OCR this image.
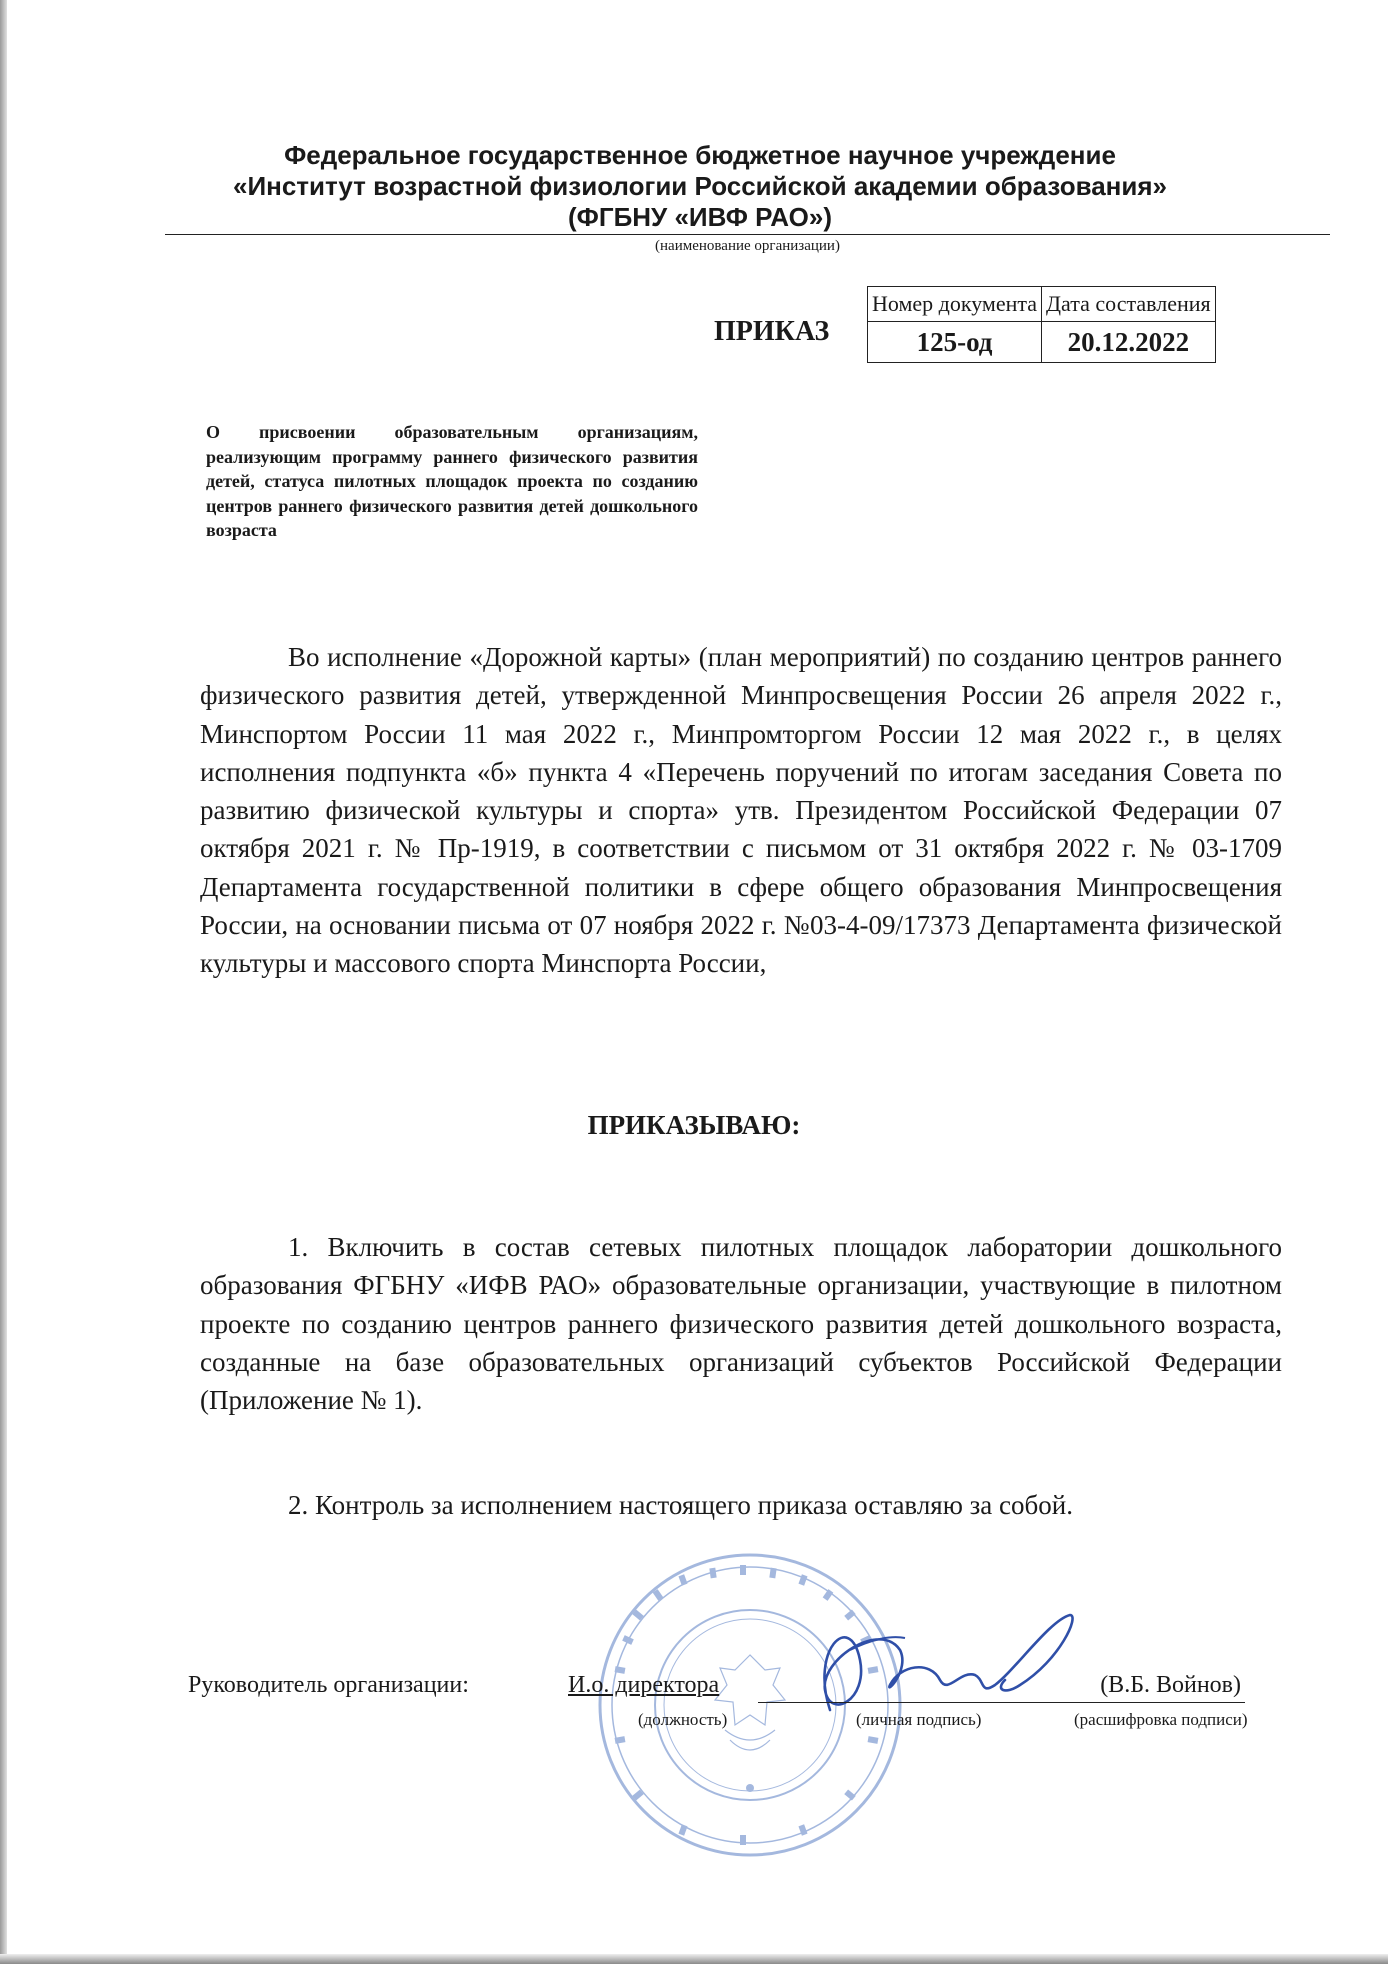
Федеральное государственное бюджетное научное учреждение
«Институт возрастной физиологии Российской академии образования»
(ФГБНУ «ИВФ РАО»)
(наименование организации)
ПРИКАЗ
Номер документа	Дата составления
125-од	20.12.2022
О присвоении образовательным организациям, реализующим программу раннего физического развития детей, статуса пилотных площадок проекта по созданию центров раннего физического развития детей дошкольного возраста
Во исполнение «Дорожной карты» (план мероприятий) по созданию центров раннего физического развития детей, утвержденной Минпросвещения России 26 апреля 2022 г., Минспортом России 11 мая 2022 г., Минпромторгом России 12 мая 2022 г., в целях исполнения подпункта «б» пункта 4 «Перечень поручений по итогам заседания Совета по развитию физической культуры и спорта» утв. Президентом Российской Федерации 07 октября 2021 г. № Пр-1919, в соответствии с письмом от 31 октября 2022 г. № 03-1709 Департамента государственной политики в сфере общего образования Минпросвещения России, на основании письма от 07 ноября 2022 г. №03-4-09/17373 Департамента физической культуры и массового спорта Минспорта России,
ПРИКАЗЫВАЮ:
1. Включить в состав сетевых пилотных площадок лаборатории дошкольного образования ФГБНУ «ИФВ РАО» образовательные организации, участвующие в пилотном проекте по созданию центров раннего физического развития детей дошкольного возраста, созданные на базе образовательных организаций субъектов Российской Федерации (Приложение № 1).
2. Контроль за исполнением настоящего приказа оставляю за собой.
Руководитель организации:	И.о. директора	(В.Б. Войнов)
(должность)	(личная подпись)	(расшифровка подписи)
